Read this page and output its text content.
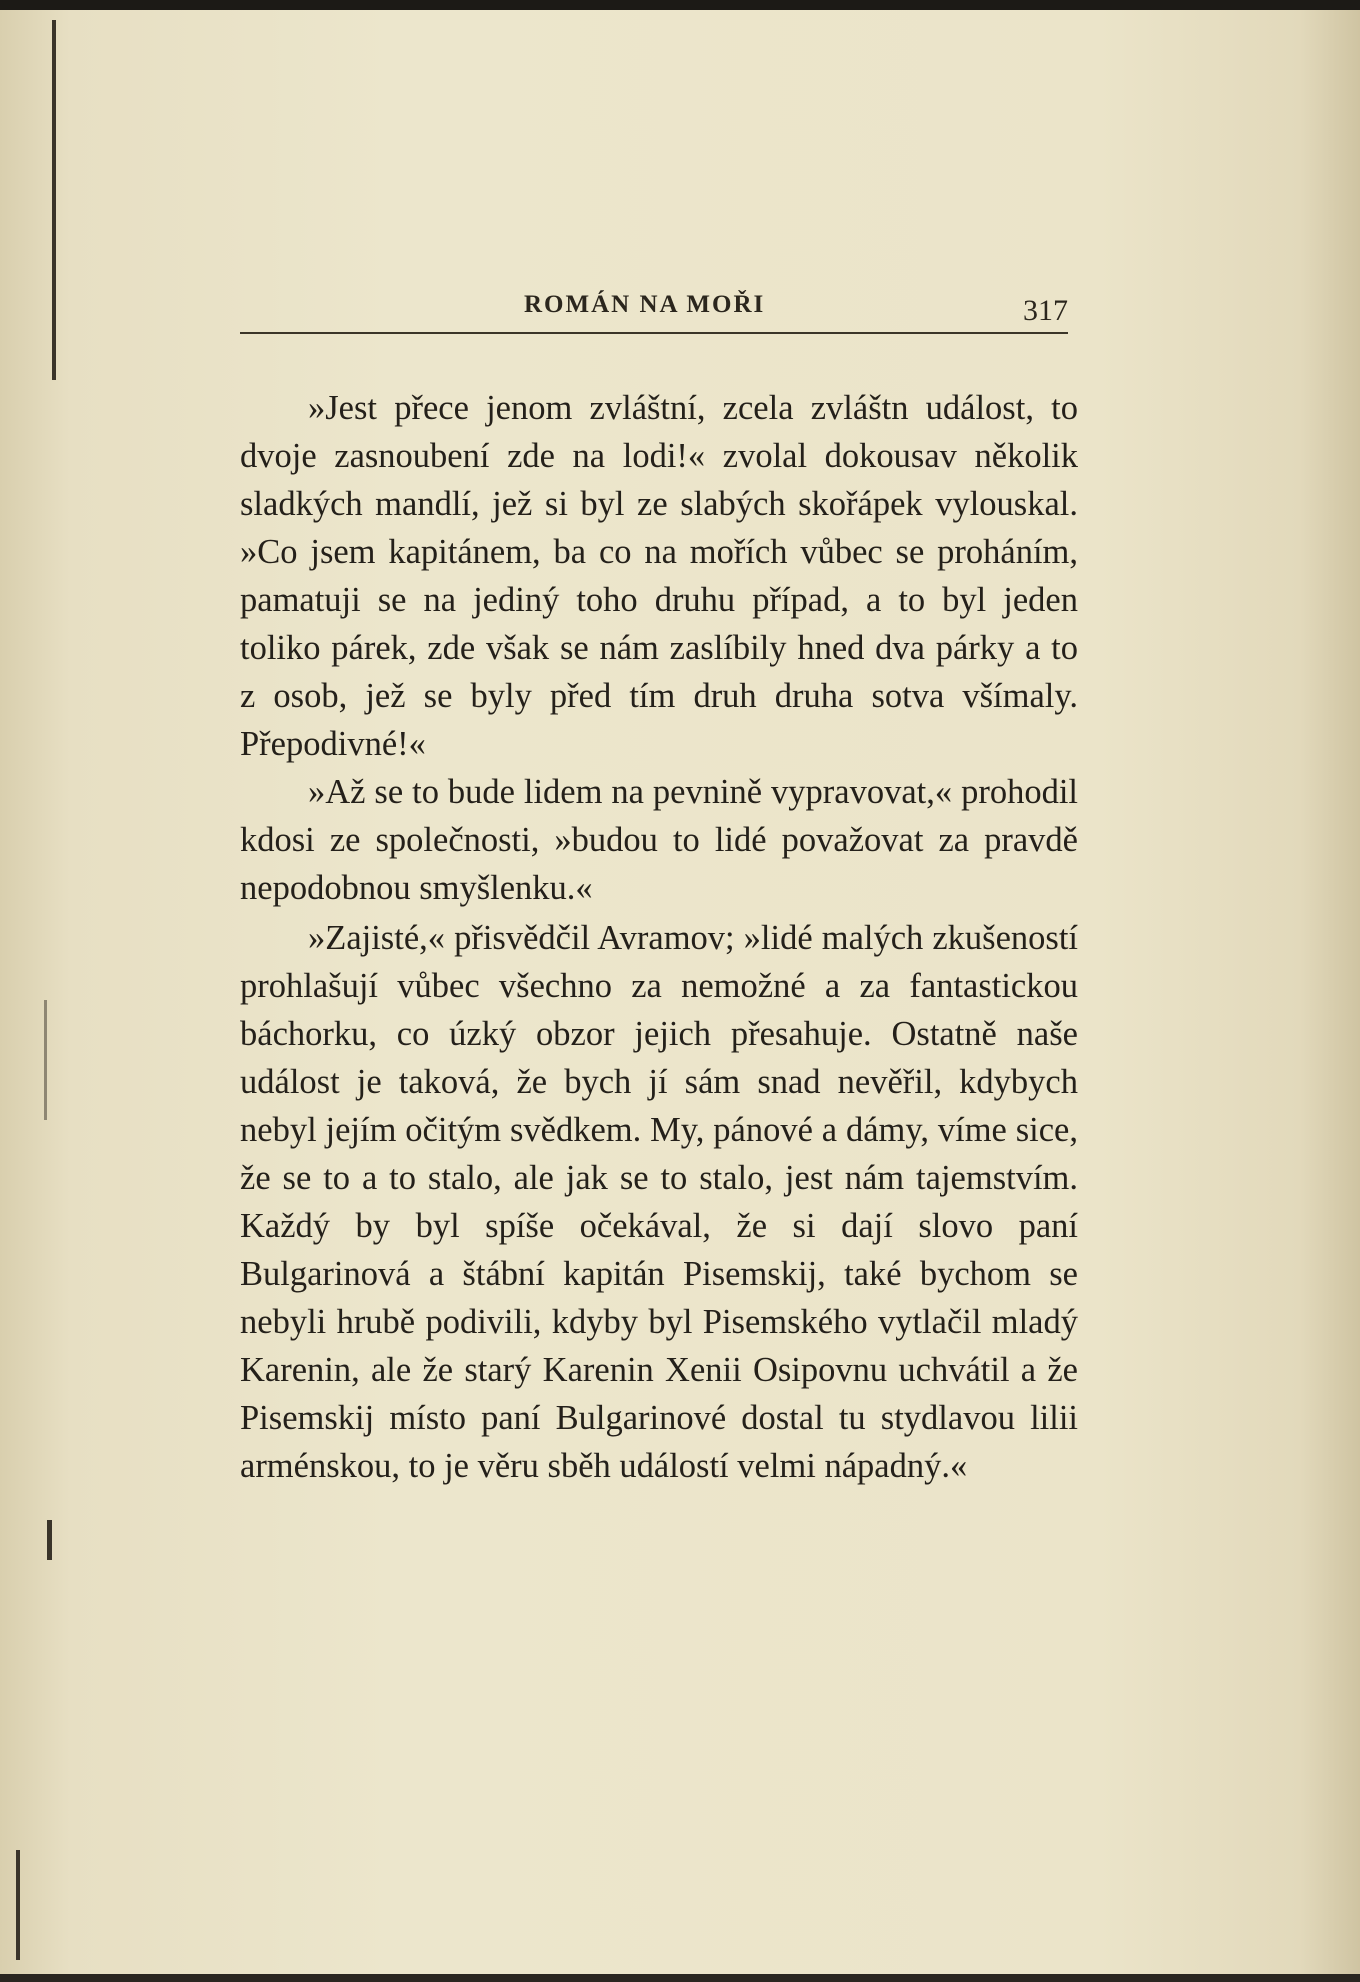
ROMÁN NA MOŘI	317

»Jest přece jenom zvláštní, zcela zvláštn událost, to dvoje zasnoubení zde na lodi!« zvolal dokousav několik sladkých mandlí, jež si byl ze slabých skořápek vylouskal. »Co jsem kapitánem, ba co na mořích vůbec se proháním, pamatuji se na jediný toho druhu případ, a to byl jeden toliko párek, zde však se nám zaslíbily hned dva párky a to z osob, jež se byly před tím druh druha sotva všímaly. Přepodivné!«

»Až se to bude lidem na pevnině vypravovat,« prohodil kdosi ze společnosti, »budou to lidé považovat za pravdě nepodobnou smyšlenku.«

»Zajisté,« přisvědčil Avramov; »lidé malých zkušeností prohlašují vůbec všechno za nemožné a za fantastickou báchorku, co úzký obzor jejich přesahuje. Ostatně naše událost je taková, že bych jí sám snad nevěřil, kdybych nebyl jejím očitým svědkem. My, pánové a dámy, víme sice, že se to a to stalo, ale jak se to stalo, jest nám tajemstvím. Každý by byl spíše očekával, že si dají slovo paní Bulgarinová a štábní kapitán Pisemskij, také bychom se nebyli hrubě podivili, kdyby byl Pisemského vytlačil mladý Karenin, ale že starý Karenin Xenii Osipovnu uchvátil a že Pisemskij místo paní Bulgarinové dostal tu stydlavou lilii arménskou, to je věru sběh událostí velmi nápadný.«
